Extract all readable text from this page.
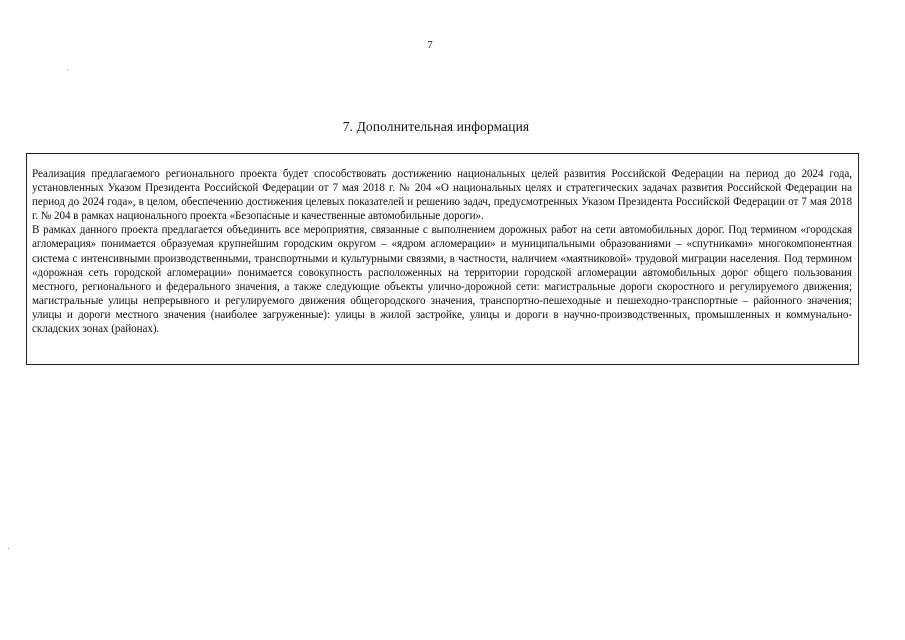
7
7. Дополнительная информация

Реализация предлагаемого регионального проекта будет способствовать достижению национальных целей развития Российской Федерации на период до 2024 года, установленных Указом Президента Российской Федерации от 7 мая 2018 г. № 204 «О национальных целях и стратегических задачах развития Российской Федерации на период до 2024 года», в целом, обеспечению достижения целевых показателей и решению задач, предусмотренных Указом Президента Российской Федерации от 7 мая 2018 г. № 204 в рамках национального проекта «Безопасные и качественные автомобильные дороги».

В рамках данного проекта предлагается объединить все мероприятия, связанные с выполнением дорожных работ на сети автомобильных дорог. Под термином «городская агломерация» понимается образуемая крупнейшим городским округом – «ядром агломерации» и муниципальными образованиями – «спутниками» многокомпонентная система с интенсивными производственными, транспортными и культурными связями, в частности, наличием «маятниковой» трудовой миграции населения. Под термином «дорожная сеть городской агломерации» понимается совокупность расположенных на территории городской агломерации автомобильных дорог общего пользования местного, регионального и федерального значения, а также следующие объекты улично-дорожной сети: магистральные дороги скоростного и регулируемого движения; магистральные улицы непрерывного и регулируемого движения общегородского значения, транспортно-пешеходные и пешеходно-транспортные – районного значения; улицы и дороги местного значения (наиболее загруженные): улицы в жилой застройке, улицы и дороги в научно-производственных, промышленных и коммунально-складских зонах (районах).
